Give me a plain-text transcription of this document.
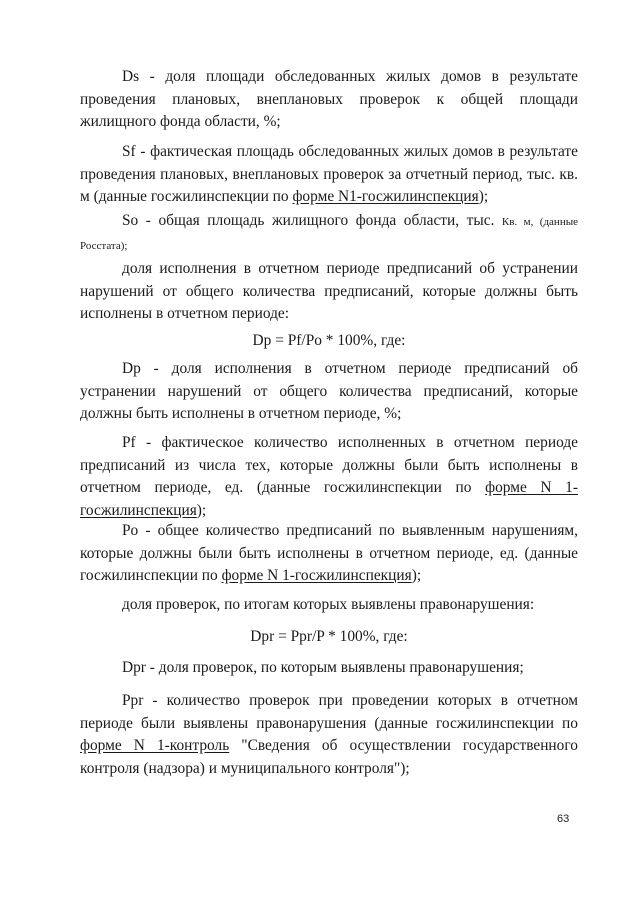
Ds - доля площади обследованных жилых домов в результате проведения плановых, внеплановых проверок к общей площади жилищного фонда области, %;

Sf - фактическая площадь обследованных жилых домов в результате проведения плановых, внеплановых проверок за отчетный период, тыс. кв. м (данные госжилинспекции по форме N1-госжилинспекция);

So - общая площадь жилищного фонда области, тыс. Кв. м, (данные Росстата);

доля исполнения в отчетном периоде предписаний об устранении нарушений от общего количества предписаний, которые должны быть исполнены в отчетном периоде:

Dp = Pf/Po * 100%, где:

Dp - доля исполнения в отчетном периоде предписаний об устранении нарушений от общего количества предписаний, которые должны быть исполнены в отчетном периоде, %;

Pf - фактическое количество исполненных в отчетном периоде предписаний из числа тех, которые должны были быть исполнены в отчетном периоде, ед. (данные госжилинспекции по форме N 1-госжилинспекция);

Po - общее количество предписаний по выявленным нарушениям, которые должны были быть исполнены в отчетном периоде, ед. (данные госжилинспекции по форме N 1-госжилинспекция);

доля проверок, по итогам которых выявлены правонарушения:

Dpr = Ppr/P * 100%, где:

Dpr - доля проверок, по которым выявлены правонарушения;

Ppr - количество проверок при проведении которых в отчетном периоде были выявлены правонарушения (данные госжилинспекции по форме N 1-контроль "Сведения об осуществлении государственного контроля (надзора) и муниципального контроля");

63
